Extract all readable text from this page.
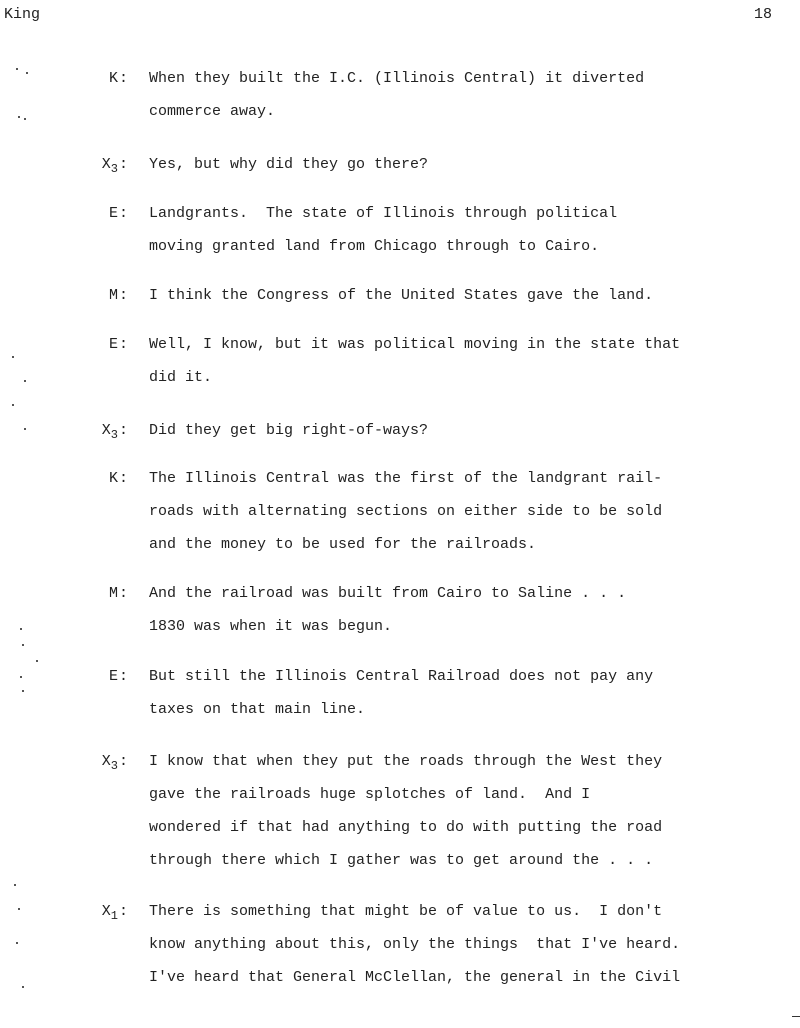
King	18
K: When they built the I.C. (Illinois Central) it diverted
commerce away.
$X_3$: Yes, but why did they go there?
E: Landgrants.  The state of Illinois through political
moving granted land from Chicago through to Cairo.
M: I think the Congress of the United States gave the land.
E: Well, I know, but it was political moving in the state that
did it.
$X_3$: Did they get big right-of-ways?
K: The Illinois Central was the first of the landgrant rail-
roads with alternating sections on either side to be sold
and the money to be used for the railroads.
M: And the railroad was built from Cairo to Saline . . .
1830 was when it was begun.
E: But still the Illinois Central Railroad does not pay any
taxes on that main line.
$X_3$: I know that when they put the roads through the West they
gave the railroads huge splotches of land.  And I
wondered if that had anything to do with putting the road
through there which I gather was to get around the . . .
$X_1$: There is something that might be of value to us.  I don't
know anything about this, only the things  that I've heard.
I've heard that General McClellan, the general in the Civil
